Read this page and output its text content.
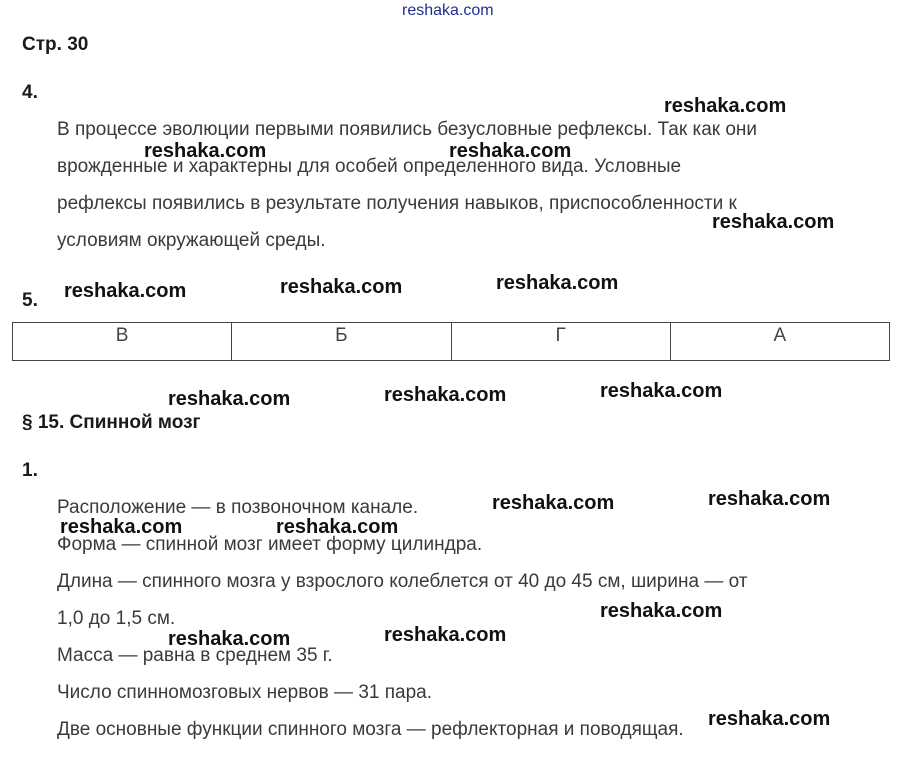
reshaka.com
Стр. 30
4.
В процессе эволюции первыми появились безусловные рефлексы. Так как они
врожденные и характерны для особей определенного вида. Условные
рефлексы появились в результате получения навыков, приспособленности к
условиям окружающей среды.
5.
В	Б	Г	А
§ 15. Спинной мозг
1.
Расположение — в позвоночном канале.
Форма — спинной мозг имеет форму цилиндра.
Длина — спинного мозга у взрослого колеблется от 40 до 45 см, ширина — от
1,0 до 1,5 см.
Масса — равна в среднем 35 г.
Число спинномозговых нервов — 31 пара.
Две основные функции спинного мозга — рефлекторная и поводящая.
reshaka.com
reshaka.com	reshaka.com
reshaka.com
reshaka.com	reshaka.com	reshaka.com
reshaka.com	reshaka.com	reshaka.com
reshaka.com	reshaka.com
reshaka.com	reshaka.com
reshaka.com
reshaka.com	reshaka.com
reshaka.com
